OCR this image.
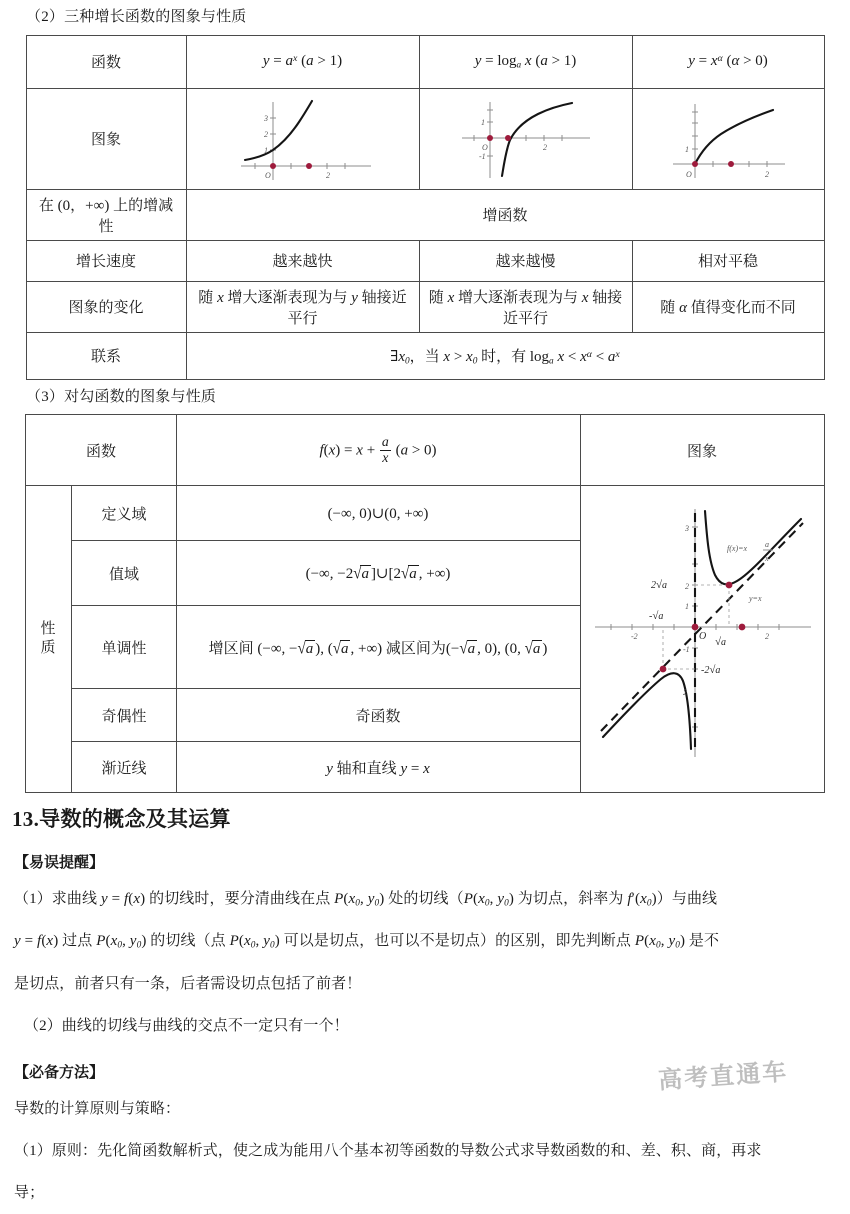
（2）三种增长函数的图象与性质

函数	$y = a^x$ (a > 1)	$y = \log_a x$ (a > 1)	$y = x^\alpha$ (α > 0)
图象	O 2
1
2
3	O 2
1
-1	O 2
1

在 (0，+∞) 上的增减性	增函数		
增长速度	越来越快	越来越慢	相对平稳
图象的变化	随 x 增大逐渐表现为与 y 轴接近平行	随 x 增大逐渐表现为与 x 轴接近平行	随 α 值得变化而不同
联系	$\exists x_0$，当 $x > x_0$ 时，有 $\log_a x < x^\alpha < a^x$

（3）对勾函数的图象与性质

函数		$f(x) = x + \frac{a}{x} (a > 0)$	图象
性
质	定义域	(−∞, 0)∪(0, +∞)	
O
-2	2
1
2
3
-1
2
2√a
-2√a
√a
-√a
f(x)=x a
x
y=x

	值域	(−∞, −2√a ]∪[2√a , +∞)	
	单调性	增区间 (−∞, −√a ), (√a , +∞) 减区间为(−√a , 0), (0, √a )	
	奇偶性	奇函数	
	渐近线	y 轴和直线 y = x	
13.导数的概念及其运算

【易误提醒】

（1）求曲线 y = f(x) 的切线时，要分清曲线在点 $P(x_0$, $y_0$) 处的切线（$P(x_0$, $y_0$) 为切点，斜率为 $f'(x_0)$）与曲线

y = f(x) 过点 $P(x_0$, $y_0$) 的切线（点 $P(x_0$, $y_0$) 可以是切点，也可以不是切点）的区别，即先判断点 $P(x_0$, $y_0$) 是不

是切点，前者只有一条，后者需设切点包括了前者！

（2）曲线的切线与曲线的交点不一定只有一个！

【必备方法】

导数的计算原则与策略：

（1）原则：先化简函数解析式，使之成为能用八个基本初等函数的导数公式求导数函数的和、差、积、商，再求

导；

高考直通车
